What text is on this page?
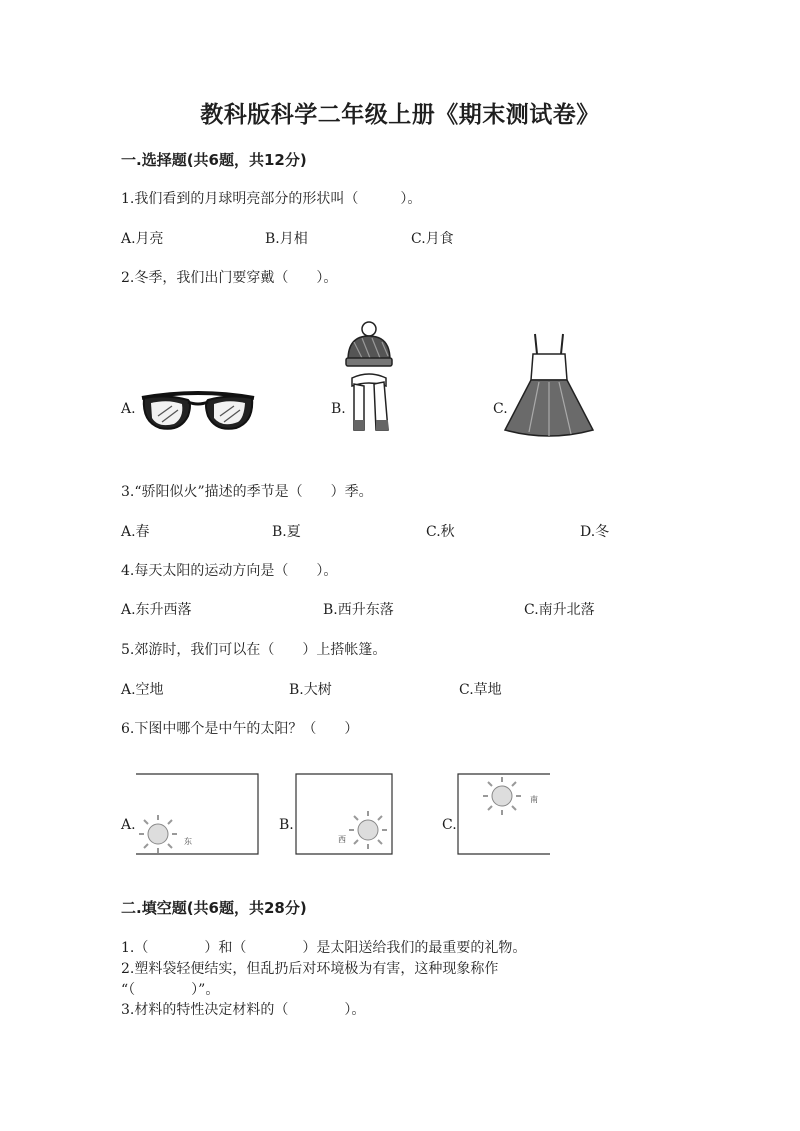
教科版科学二年级上册《期末测试卷》
一.选择题(共6题，共12分)
1.我们看到的月球明亮部分的形状叫（　　　）。
A.月亮	B.月相	C.月食
2.冬季，我们出门要穿戴（　　）。
A.	B.	C.
3.“骄阳似火”描述的季节是（　　）季。
A.春	B.夏	C.秋	D.冬
4.每天太阳的运动方向是（　　）。
A.东升西落	B.西升东落	C.南升北落
5.郊游时，我们可以在（　　）上搭帐篷。
A.空地	B.大树	C.草地
6.下图中哪个是中午的太阳？（　　）
A.	B.	C.
东	西
南
二.填空题(共6题，共28分)
1.（　　　　）和（　　　　）是太阳送给我们的最重要的礼物。
2.塑料袋轻便结实，但乱扔后对环境极为有害，这种现象称作
“（　　　　）”。
3.材料的特性决定材料的（　　　　）。
